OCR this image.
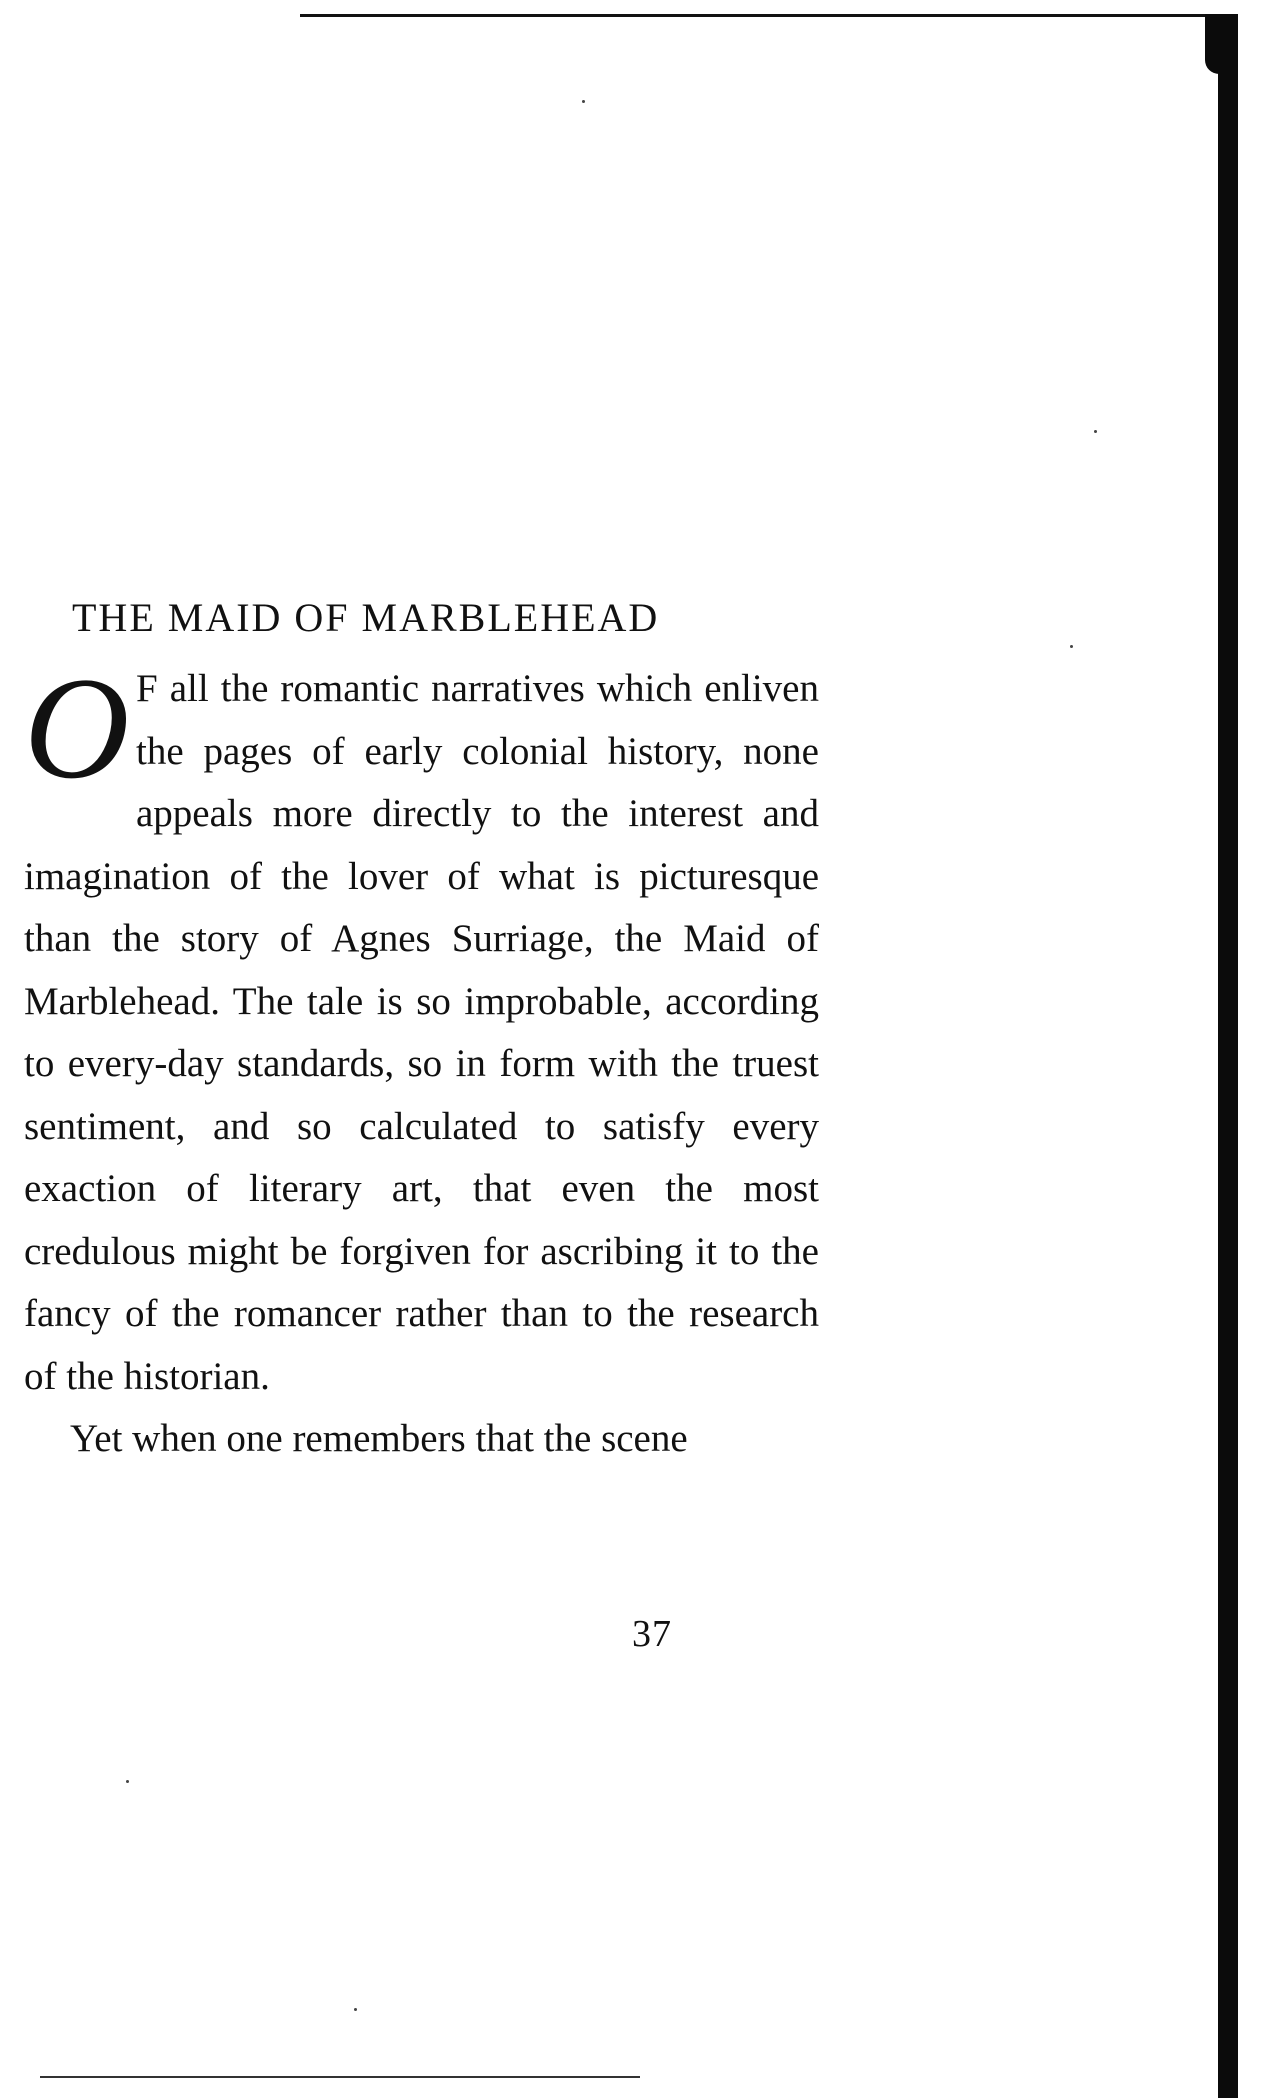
THE MAID OF MARBLEHEAD

O F all the romantic narratives which enliven the pages of early colonial history, none appeals more directly to the interest and imagination of the lover of what is picturesque than the story of Agnes Surriage, the Maid of Marblehead. The tale is so improbable, according to every-day standards, so in form with the truest sentiment, and so calculated to satisfy every exaction of literary art, that even the most credulous might be forgiven for ascribing it to the fancy of the romancer rather than to the research of the historian.

Yet when one remembers that the scene

37
